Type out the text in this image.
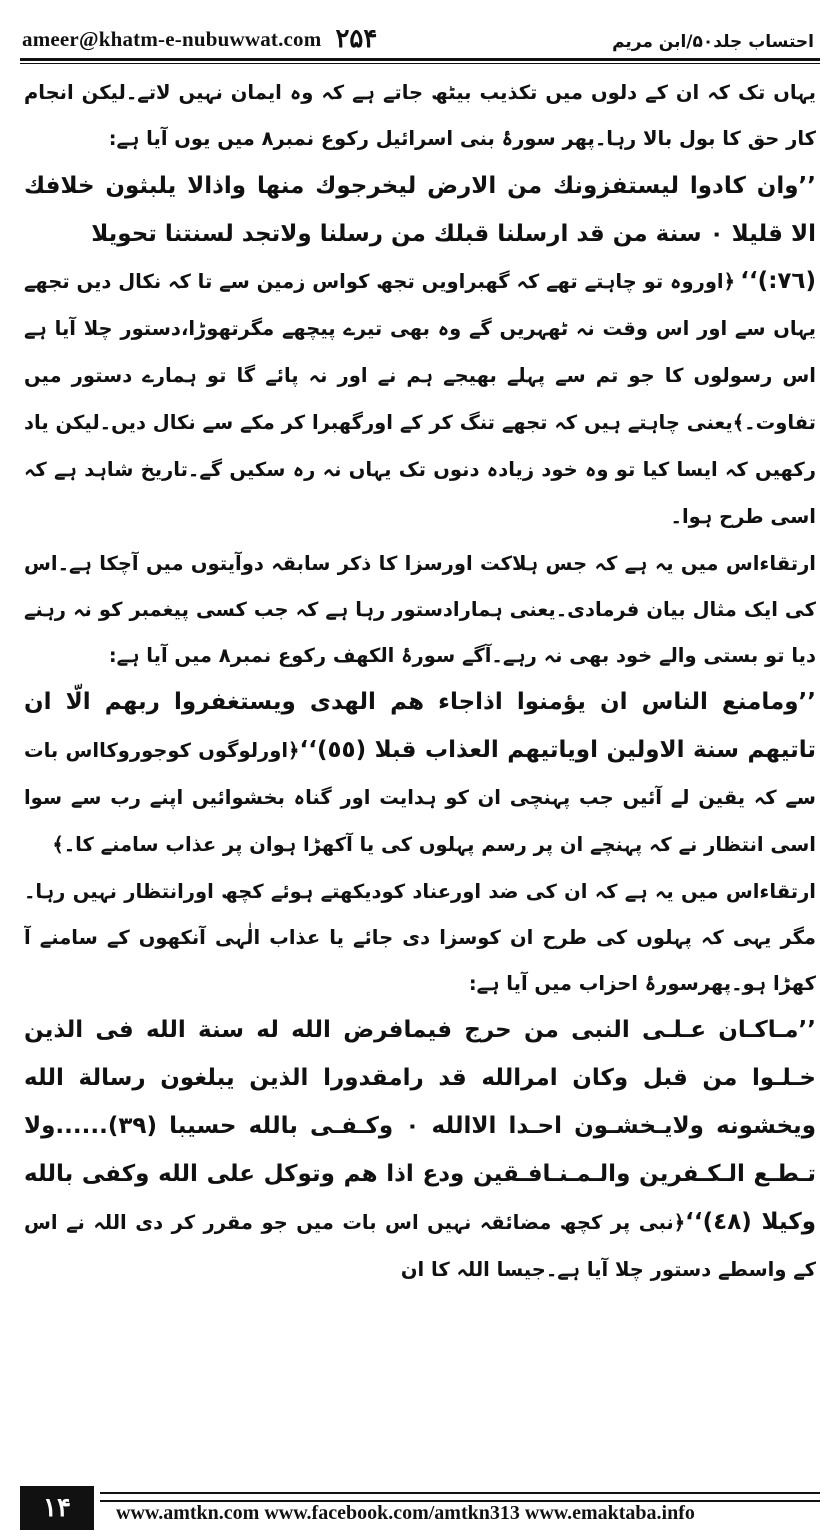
ameer@khatm-e-nubuwwat.com ۲۵۴	احتساب جلد۵۰/ابن مریم

یہاں تک کہ ان کے دلوں میں تکذیب بیٹھ جاتے ہے کہ وہ ایمان نہیں لاتے۔لیکن انجام کار حق کا بول بالا رہا۔پھر سورۂ بنی اسرائیل رکوع نمبر۸ میں یوں آیا ہے:

’’وان كادوا ليستفزونك من الارض ليخرجوك منها واذالا يلبثون خلافك الا قليلا ٠ سنة من قد ارسلنا قبلك من رسلنا ولاتجد لسنتنا تحويلا

(٧٦:)‘‘ ﴿اوروہ تو چاہتے تھے کہ گھبراویں تجھ کواس زمین سے تا کہ نکال دیں تجھے یہاں سے اور اس وقت نہ ٹھہریں گے وہ بھی تیرے پیچھے مگرتھوڑا،دستور چلا آیا ہے اس رسولوں کا جو تم سے پہلے بھیجے ہم نے اور نہ پائے گا تو ہمارے دستور میں تفاوت۔﴾یعنی چاہتے ہیں کہ تجھے تنگ کر کے اورگھبرا کر مکے سے نکال دیں۔لیکن یاد رکھیں کہ ایسا کیا تو وہ خود زیادہ دنوں تک یہاں نہ رہ سکیں گے۔تاریخ شاہد ہے کہ اسی طرح ہوا۔

ارتقاءاس میں یہ ہے کہ جس ہلاکت اورسزا کا ذکر سابقہ دوآیتوں میں آچکا ہے۔اس کی ایک مثال بیان فرمادی۔یعنی ہمارادستور رہا ہے کہ جب کسی پیغمبر کو نہ رہنے دیا تو بستی والے خود بھی نہ رہے۔آگے سورۂ الکھف رکوع نمبر۸ میں آیا ہے:

’’ومامنع الناس ان يؤمنوا اذاجاء هم الهدى ويستغفروا ربهم الّا ان تاتيهم سنة الاولين اوياتيهم العذاب قبلا (٥٥)‘‘﴿اورلوگوں کوجوروکااس بات سے کہ یقین لے آئیں جب پہنچی ان کو ہدایت اور گناہ بخشوائیں اپنے رب سے سوا اسی انتظار نے کہ پہنچے ان پر رسم پہلوں کی یا آکھڑا ہوان پر عذاب سامنے کا۔﴾

ارتقاءاس میں یہ ہے کہ ان کی ضد اورعناد کودیکھتے ہوئے کچھ اورانتظار نہیں رہا۔مگر یہی کہ پہلوں کی طرح ان کوسزا دی جائے یا عذاب الٰہی آنکھوں کے سامنے آ کھڑا ہو۔پھرسورۂ احزاب میں آیا ہے:

’’مـاكـان عـلـى النبى من حرج فيمافرض الله له سنة الله فى الذين خـلـوا من قبل وكان امرالله قد رامقدورا الذين يبلغون رسالة الله ويخشونه ولايـخشـون احـدا الاالله ٠ وكـفـى بالله حسيبا (٣٩)......ولا تـطـع الـكـفرين والـمـنـافـقين ودع اذا هم وتوكل على الله وكفى بالله وكيلا (٤٨)‘‘﴿نبی پر کچھ مضائقہ نہیں اس بات میں جو مقرر کر دی اللہ نے اس کے واسطے دستور چلا آیا ہے۔جیسا اللہ کا ان

۱۴	www.amtkn.com www.facebook.com/amtkn313 www.emaktaba.info
